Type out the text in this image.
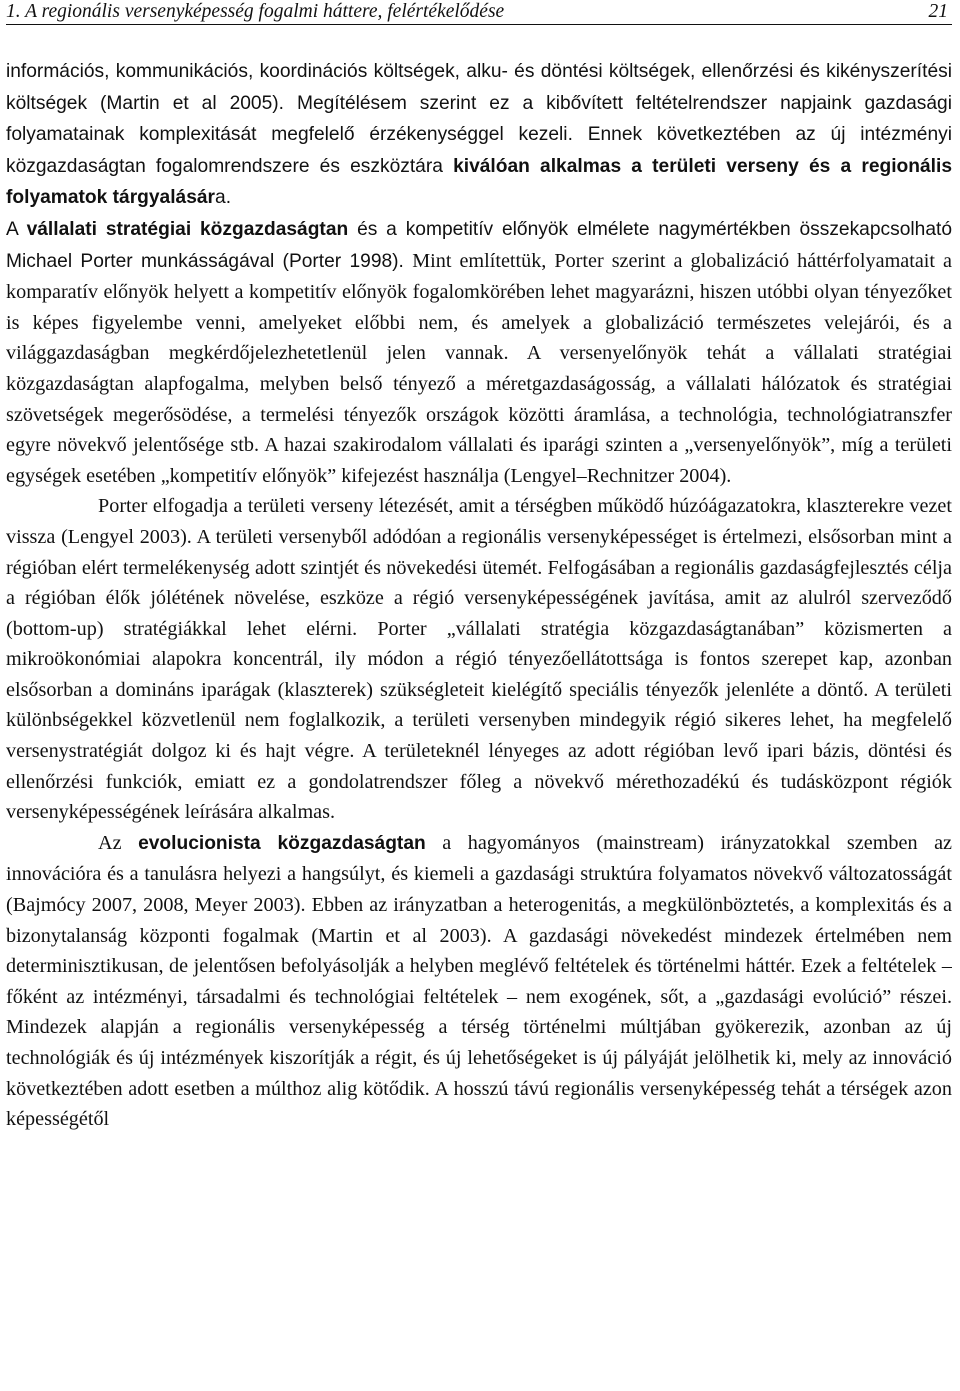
1. A regionális versenyképesség fogalmi háttere, felértékelődése	21

információs, kommunikációs, koordinációs költségek, alku- és döntési költségek, ellenőrzési és kikényszerítési költségek (Martin et al 2005). Megítélésem szerint ez a kibővített feltételrendszer napjaink gazdasági folyamatainak komplexitását megfelelő érzékenységgel kezeli. Ennek következtében az új intézményi közgazdaságtan fogalomrendszere és eszköztára kiválóan alkalmas a területi verseny és a regionális folyamatok tárgyalására.

A vállalati stratégiai közgazdaságtan és a kompetitív előnyök elmélete nagymértékben összekapcsolható Michael Porter munkásságával (Porter 1998). Mint említettük, Porter szerint a globalizáció háttérfolyamatait a komparatív előnyök helyett a kompetitív előnyök fogalomkörében lehet magyarázni, hiszen utóbbi olyan tényezőket is képes figyelembe venni, amelyeket előbbi nem, és amelyek a globalizáció természetes velejárói, és a világgazdaságban megkérdőjelezhetetlenül jelen vannak. A versenyelőnyök tehát a vállalati stratégiai közgazdaságtan alapfogalma, melyben belső tényező a méretgazdaságosság, a vállalati hálózatok és stratégiai szövetségek megerősödése, a termelési tényezők országok közötti áramlása, a technológia, technológiatranszfer egyre növekvő jelentősége stb. A hazai szakirodalom vállalati és iparági szinten a „versenyelőnyök”, míg a területi egységek esetében „kompetitív előnyök” kifejezést használja (Lengyel–Rechnitzer 2004).

Porter elfogadja a területi verseny létezését, amit a térségben működő húzóágazatokra, klaszterekre vezet vissza (Lengyel 2003). A területi versenyből adódóan a regionális versenyképességet is értelmezi, elsősorban mint a régióban elért termelékenység adott szintjét és növekedési ütemét. Felfogásában a regionális gazdaságfejlesztés célja a régióban élők jólétének növelése, eszköze a régió versenyképességének javítása, amit az alulról szerveződő (bottom-up) stratégiákkal lehet elérni. Porter „vállalati stratégia közgazdaságtanában” közismerten a mikroökonómiai alapokra koncentrál, ily módon a régió tényezőellátottsága is fontos szerepet kap, azonban elsősorban a domináns iparágak (klaszterek) szükségleteit kielégítő speciális tényezők jelenléte a döntő. A területi különbségekkel közvetlenül nem foglalkozik, a területi versenyben mindegyik régió sikeres lehet, ha megfelelő versenystratégiát dolgoz ki és hajt végre. A területeknél lényeges az adott régióban levő ipari bázis, döntési és ellenőrzési funkciók, emiatt ez a gondolatrendszer főleg a növekvő mérethozadékú és tudásközpont régiók versenyképességének leírására alkalmas.

Az evolucionista közgazdaságtan a hagyományos (mainstream) irányzatokkal szemben az innovációra és a tanulásra helyezi a hangsúlyt, és kiemeli a gazdasági struktúra folyamatos növekvő változatosságát (Bajmócy 2007, 2008, Meyer 2003). Ebben az irányzatban a heterogenitás, a megkülönböztetés, a komplexitás és a bizonytalanság központi fogalmak (Martin et al 2003). A gazdasági növekedést mindezek értelmében nem determinisztikusan, de jelentősen befolyásolják a helyben meglévő feltételek és történelmi háttér. Ezek a feltételek – főként az intézményi, társadalmi és technológiai feltételek – nem exogének, sőt, a „gazdasági evolúció” részei. Mindezek alapján a regionális versenyképesség a térség történelmi múltjában gyökerezik, azonban az új technológiák és új intézmények kiszorítják a régit, és új lehetőségeket is új pályáját jelölhetik ki, mely az innováció következtében adott esetben a múlthoz alig kötődik. A hosszú távú regionális versenyképesség tehát a térségek azon képességétől
